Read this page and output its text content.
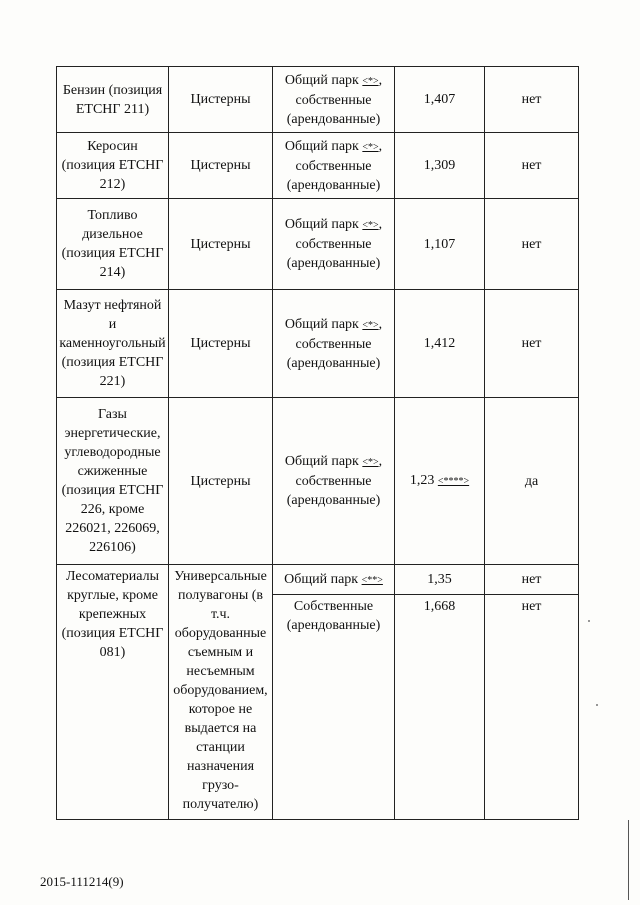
Бензин (позиция ЕТСНГ 211)	Цистерны	Общий парк <*>, собственные (арендованные)	1,407	нет
Керосин (позиция ЕТСНГ 212)	Цистерны	Общий парк <*>, собственные (арендованные)	1,309	нет
Топливо дизельное (позиция ЕТСНГ 214)	Цистерны	Общий парк <*>, собственные (арендованные)	1,107	нет
Мазут нефтяной и каменноугольный (позиция ЕТСНГ 221)	Цистерны	Общий парк <*>, собственные (арендованные)	1,412	нет
Газы энергетические, углеводородные сжиженные (позиция ЕТСНГ 226, кроме 226021, 226069, 226106)	Цистерны	Общий парк <*>, собственные (арендованные)	1,23 <****>	да
Лесоматериалы круглые, кроме крепежных (позиция ЕТСНГ 081)	Универсальные полувагоны (в т.ч. оборудованные съемным и несъемным оборудованием, которое не выдается на станции назначения грузо-получателю)	Общий парк <**>	1,35	нет
		Собственные (арендованные)	1,668	нет
2015-111214(9)
